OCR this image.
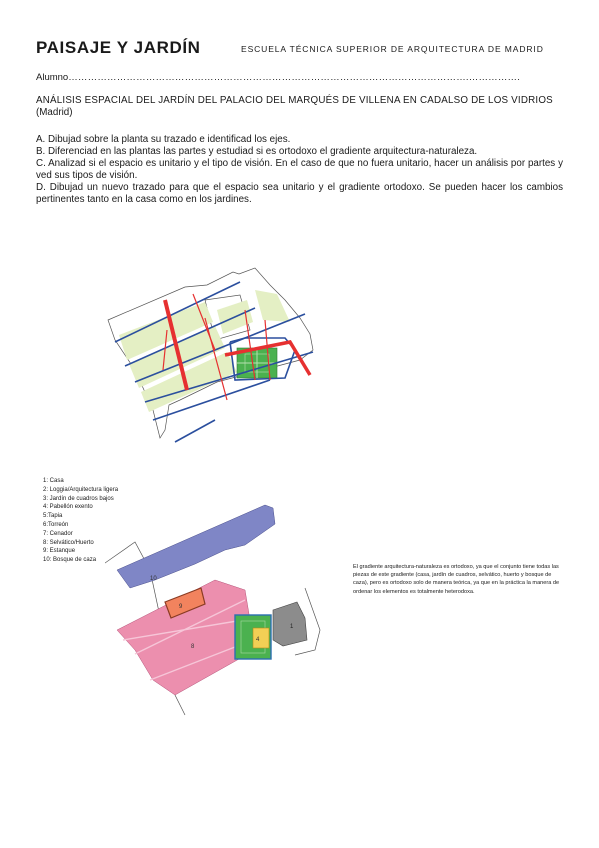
PAISAJE Y JARDÍN	ESCUELA TÉCNICA SUPERIOR DE ARQUITECTURA DE MADRID
Alumno…………………………………………………………………………………………………………….…………….
ANÁLISIS ESPACIAL DEL JARDÍN DEL PALACIO DEL MARQUÉS DE VILLENA EN CADALSO DE LOS VIDRIOS (Madrid)

A. Dibujad sobre la planta su trazado e identificad los ejes.

B. Diferenciad en las plantas las partes y estudiad si es ortodoxo el gradiente arquitectura-naturaleza.

C. Analizad si el espacio es unitario y el tipo de visión. En el caso de que no fuera unitario, hacer un análisis por partes y ved sus tipos de visión.

D. Dibujad un nuevo trazado para que el espacio sea unitario y el gradiente ortodoxo. Se pueden hacer los cambios pertinentes tanto en la casa como en los jardines.

1: Casa
2: Loggia/Arquitectura ligera
3: Jardín de cuadros bajos
4: Pabellón exento
5:Tapia
6:Torreón
7: Cenador
8: Selvático/Huerto
9: Estanque
10: Bosque de caza
10
8
9
4
1
El gradiente arquitectura-naturaleza es ortodoxo, ya que el conjunto tiene todas las piezas de este gradiente (casa, jardín de cuadros, selvático, huerto y bosque de caza), pero es ortodoxo solo de manera teórica, ya que en la práctica la manera de ordenar los elementos es totalmente heterodoxa.
